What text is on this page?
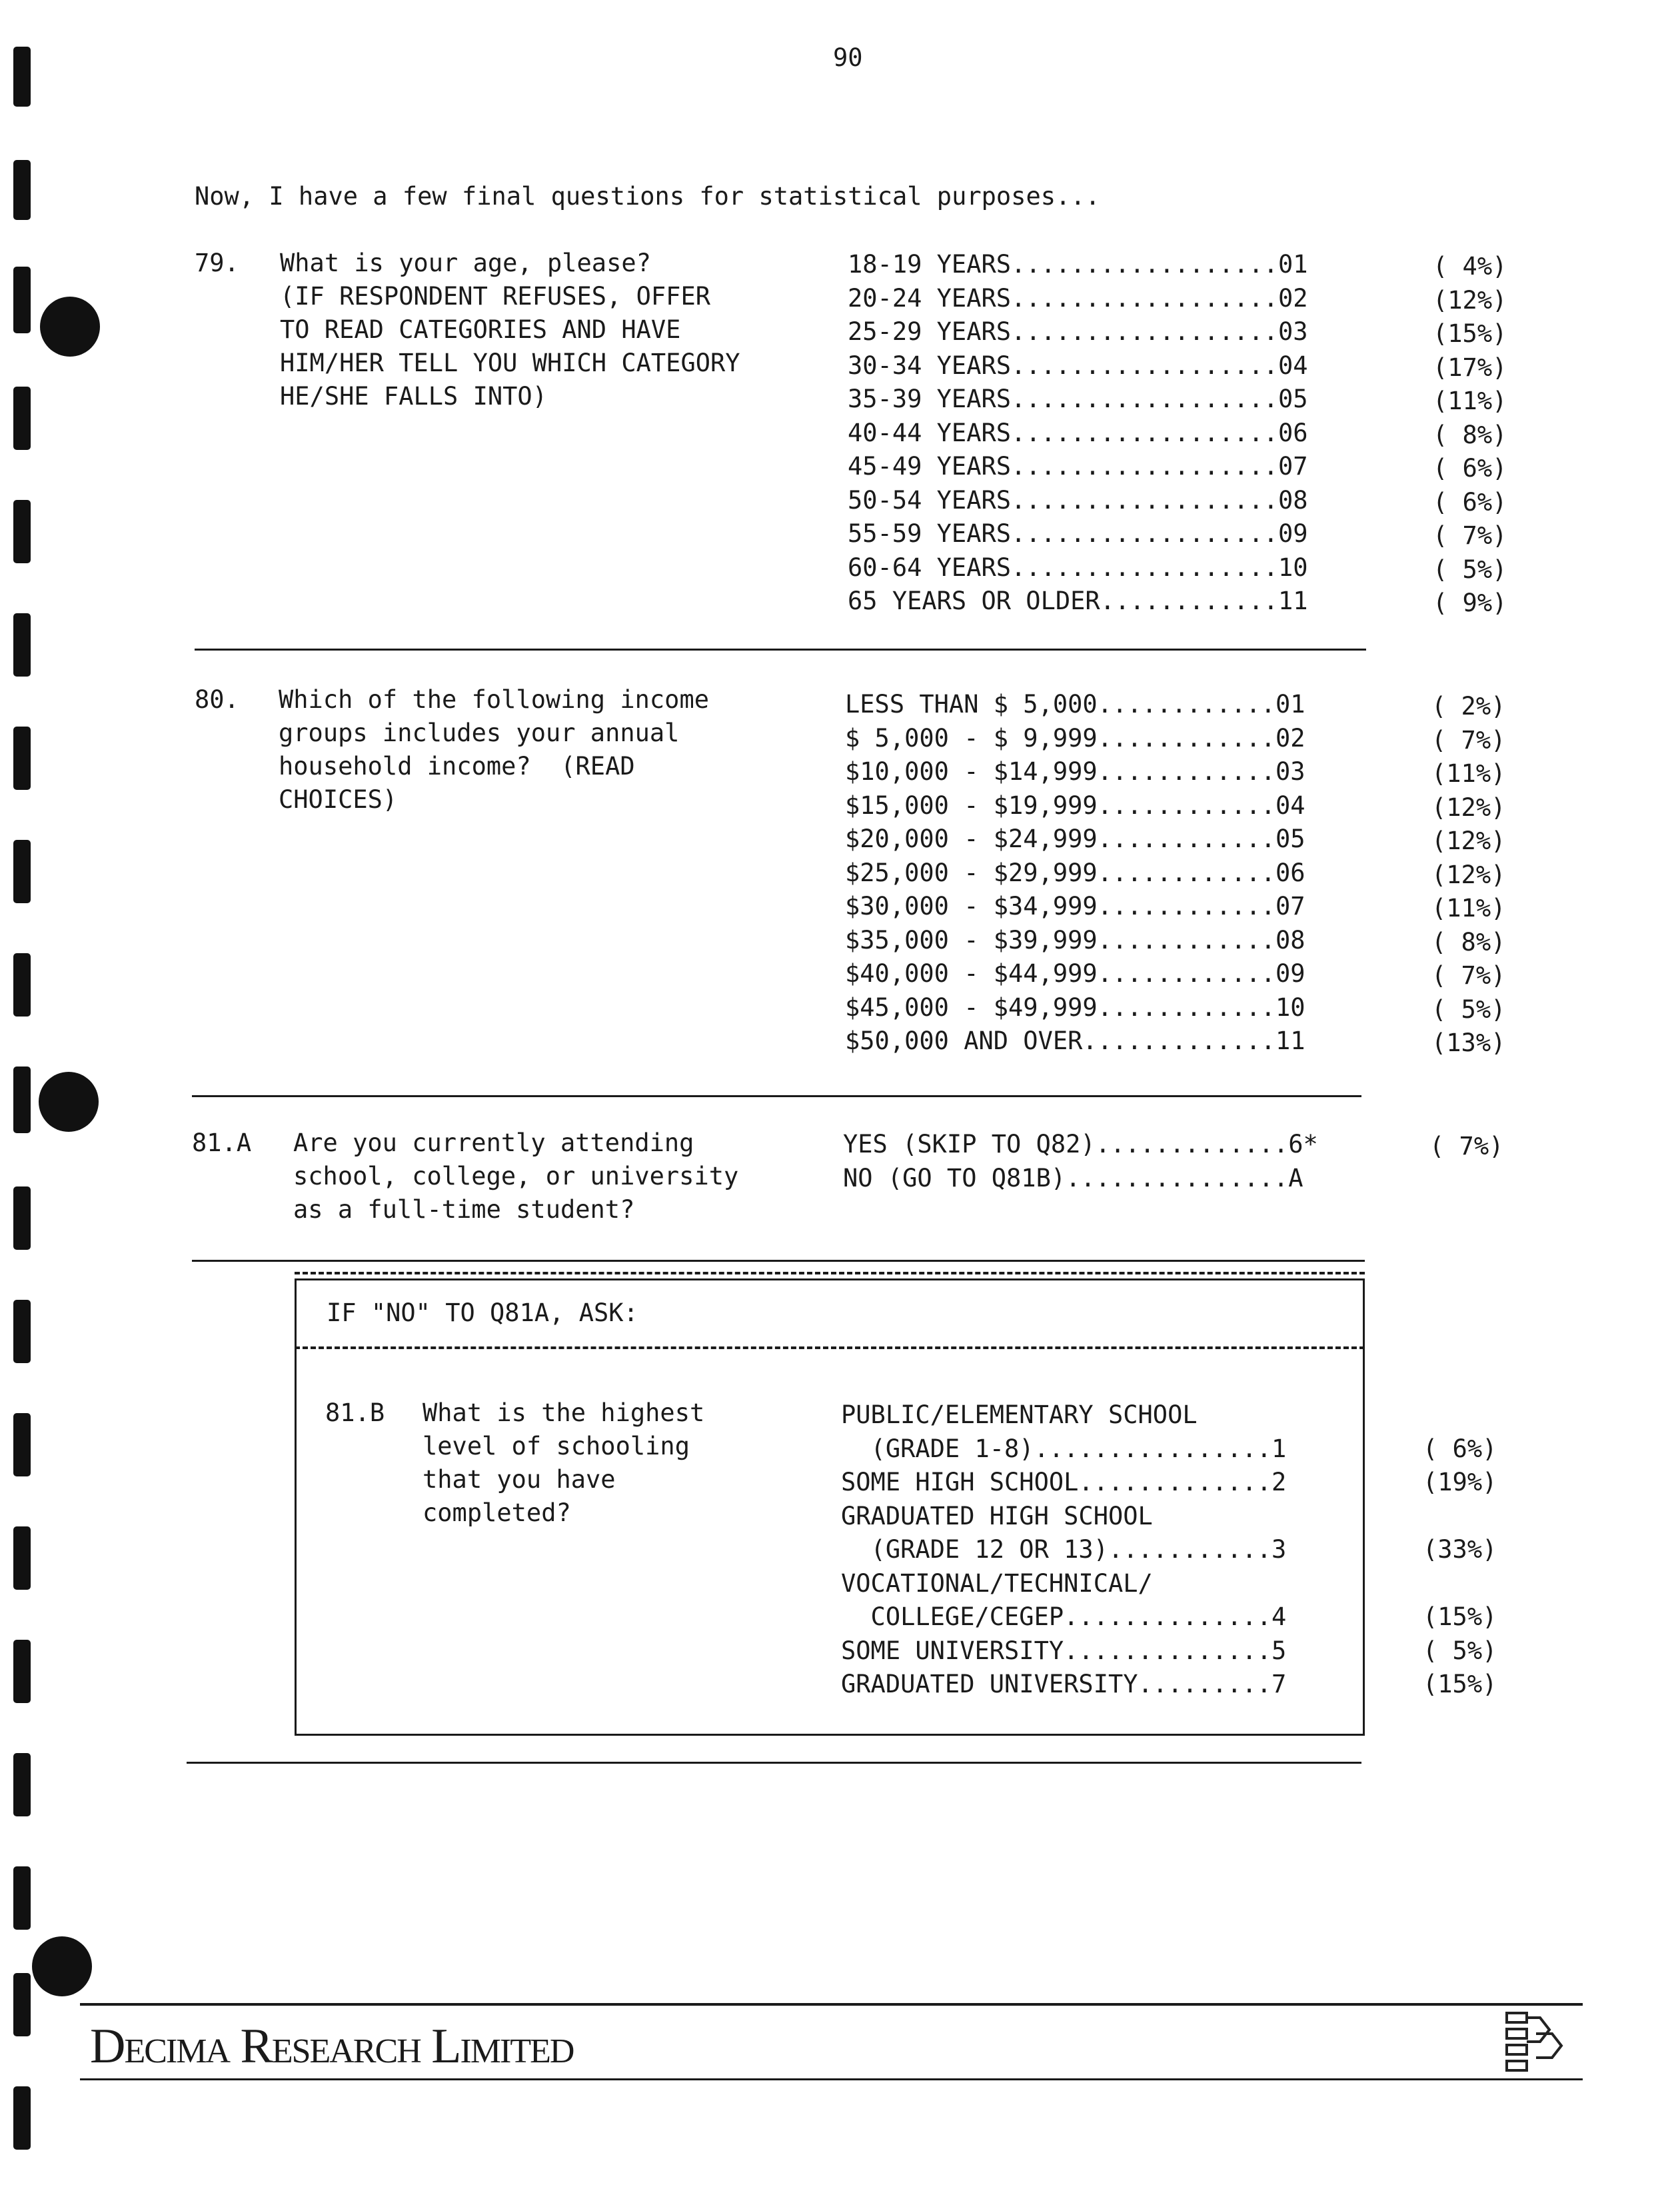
90
Now, I have a few final questions for statistical purposes...
79. What is your age, please?
(IF RESPONDENT REFUSES, OFFER
TO READ CATEGORIES AND HAVE
HIM/HER TELL YOU WHICH CATEGORY
HE/SHE FALLS INTO)
18-19 YEARS..................01
20-24 YEARS..................02
25-29 YEARS..................03
30-34 YEARS..................04
35-39 YEARS..................05
40-44 YEARS..................06
45-49 YEARS..................07
50-54 YEARS..................08
55-59 YEARS..................09
60-64 YEARS..................10
65 YEARS OR OLDER............11
( 4%)
(12%)
(15%)
(17%)
(11%)
( 8%)
( 6%)
( 6%)
( 7%)
( 5%)
( 9%)
80. Which of the following income
groups includes your annual
household income?  (READ
CHOICES)
LESS THAN $ 5,000............01
$ 5,000 - $ 9,999............02
$10,000 - $14,999............03
$15,000 - $19,999............04
$20,000 - $24,999............05
$25,000 - $29,999............06
$30,000 - $34,999............07
$35,000 - $39,999............08
$40,000 - $44,999............09
$45,000 - $49,999............10
$50,000 AND OVER.............11
( 2%)
( 7%)
(11%)
(12%)
(12%)
(12%)
(11%)
( 8%)
( 7%)
( 5%)
(13%)
81.A Are you currently attending
school, college, or university
as a full-time student?
YES (SKIP TO Q82).............6*
NO (GO TO Q81B)...............A
( 7%)
IF "NO" TO Q81A, ASK:
81.B What is the highest
level of schooling
that you have
completed?
PUBLIC/ELEMENTARY SCHOOL
(GRADE 1-8)................1
SOME HIGH SCHOOL.............2
GRADUATED HIGH SCHOOL
(GRADE 12 OR 13)...........3
VOCATIONAL/TECHNICAL/
COLLEGE/CEGEP..............4
SOME UNIVERSITY..............5
GRADUATED UNIVERSITY.........7
( 6%)
(19%)
(33%)
(15%)
( 5%)
(15%)
Decima Research Limited
